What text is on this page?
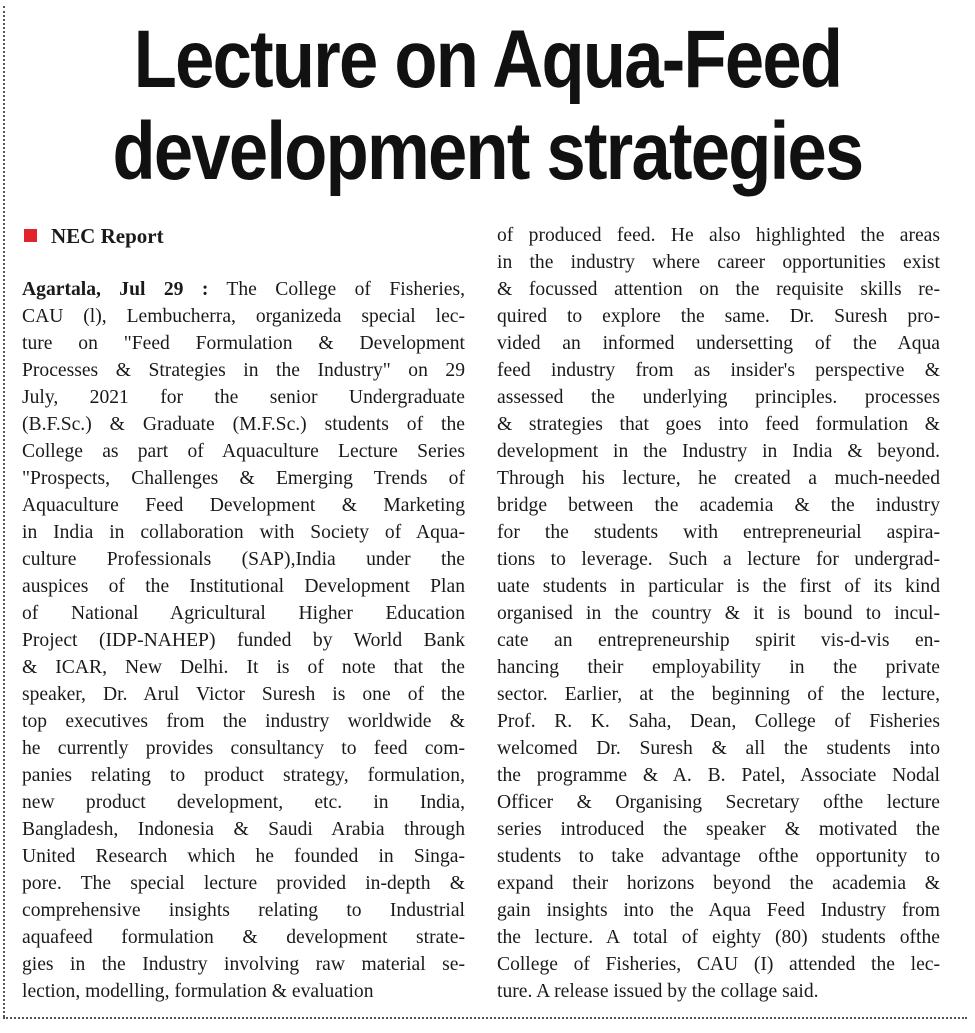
Lecture on Aqua-Feed
development strategies
NEC Report
Agartala, Jul 29 : The College of Fisheries,
CAU (l), Lembucherra, organizeda special lec-
ture on "Feed Formulation & Development
Processes & Strategies in the Industry" on 29
July, 2021 for the senior Undergraduate
(B.F.Sc.) & Graduate (M.F.Sc.) students of the
College as part of Aquaculture Lecture Series
"Prospects, Challenges & Emerging Trends of
Aquaculture Feed Development & Marketing
in India in collaboration with Society of Aqua-
culture Professionals (SAP),India under the
auspices of the Institutional Development Plan
of National Agricultural Higher Education
Project (IDP-NAHEP) funded by World Bank
& ICAR, New Delhi. It is of note that the
speaker, Dr. Arul Victor Suresh is one of the
top executives from the industry worldwide &
he currently provides consultancy to feed com-
panies relating to product strategy, formulation,
new product development, etc. in India,
Bangladesh, Indonesia & Saudi Arabia through
United Research which he founded in Singa-
pore. The special lecture provided in-depth &
comprehensive insights relating to Industrial
aquafeed formulation & development strate-
gies in the Industry involving raw material se-
lection, modelling, formulation & evaluation
of produced feed. He also highlighted the areas
in the industry where career opportunities exist
& focussed attention on the requisite skills re-
quired to explore the same. Dr. Suresh pro-
vided an informed undersetting of the Aqua
feed industry from as insider's perspective &
assessed the underlying principles. processes
& strategies that goes into feed formulation &
development in the Industry in India & beyond.
Through his lecture, he created a much-needed
bridge between the academia & the industry
for the students with entrepreneurial aspira-
tions to leverage. Such a lecture for undergrad-
uate students in particular is the first of its kind
organised in the country & it is bound to incul-
cate an entrepreneurship spirit vis-d-vis en-
hancing their employability in the private
sector. Earlier, at the beginning of the lecture,
Prof. R. K. Saha, Dean, College of Fisheries
welcomed Dr. Suresh & all the students into
the programme & A. B. Patel, Associate Nodal
Officer & Organising Secretary ofthe lecture
series introduced the speaker & motivated the
students to take advantage ofthe opportunity to
expand their horizons beyond the academia &
gain insights into the Aqua Feed Industry from
the lecture. A total of eighty (80) students ofthe
College of Fisheries, CAU (I) attended the lec-
ture. A release issued by the collage said.
